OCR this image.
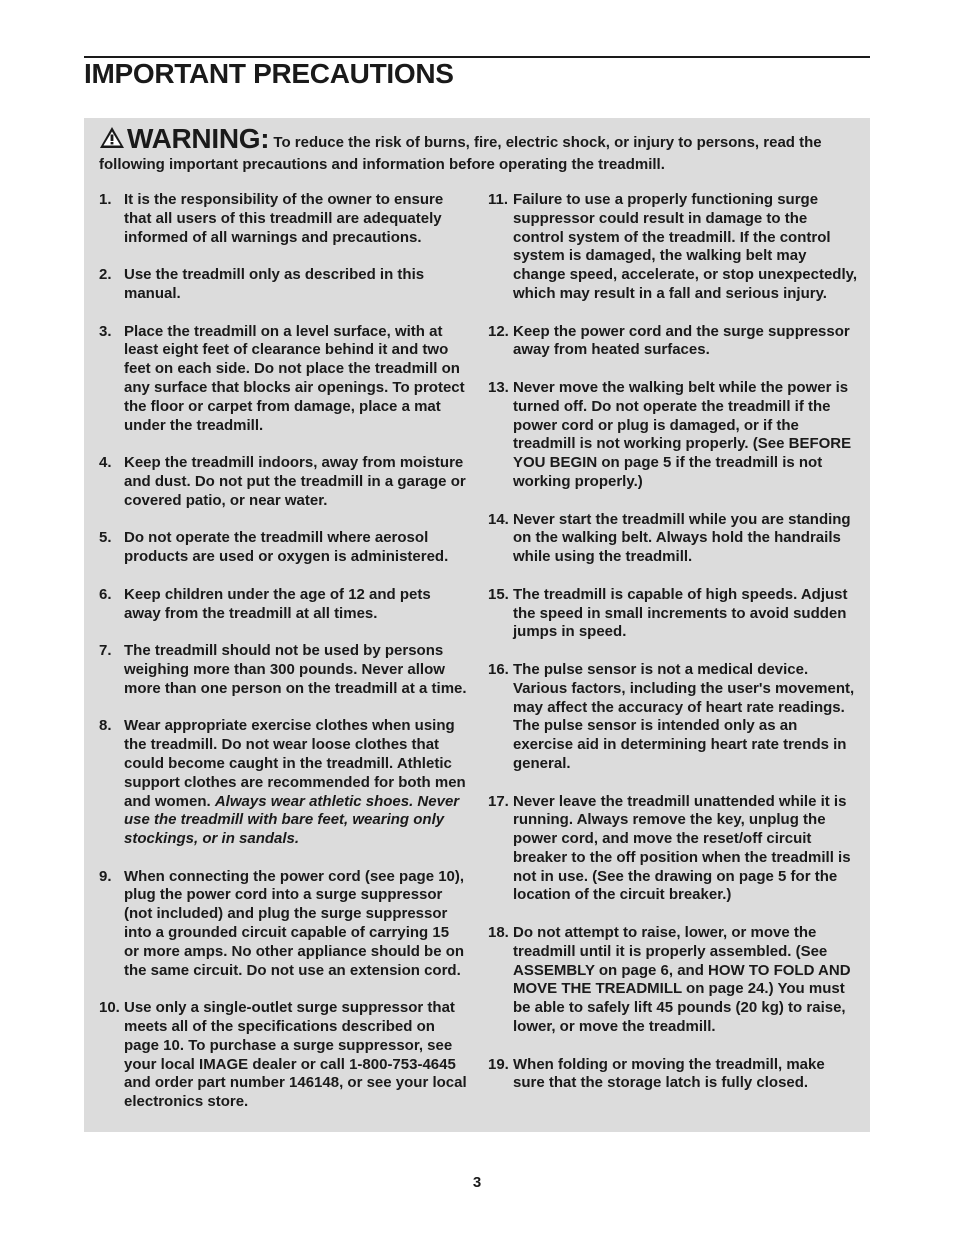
IMPORTANT PRECAUTIONS
WARNING: To reduce the risk of burns, fire, electric shock, or injury to persons, read the following important precautions and information before operating the treadmill.
1. It is the responsibility of the owner to ensure that all users of this treadmill are adequately informed of all warnings and precautions.
2. Use the treadmill only as described in this manual.
3. Place the treadmill on a level surface, with at least eight feet of clearance behind it and two feet on each side. Do not place the treadmill on any surface that blocks air openings. To protect the floor or carpet from damage, place a mat under the treadmill.
4. Keep the treadmill indoors, away from moisture and dust. Do not put the treadmill in a garage or covered patio, or near water.
5. Do not operate the treadmill where aerosol products are used or oxygen is administered.
6. Keep children under the age of 12 and pets away from the treadmill at all times.
7. The treadmill should not be used by persons weighing more than 300 pounds. Never allow more than one person on the treadmill at a time.
8. Wear appropriate exercise clothes when using the treadmill. Do not wear loose clothes that could become caught in the treadmill. Athletic support clothes are recommended for both men and women. Always wear athletic shoes. Never use the treadmill with bare feet, wearing only stockings, or in sandals.
9. When connecting the power cord (see page 10), plug the power cord into a surge suppressor (not included) and plug the surge suppressor into a grounded circuit capable of carrying 15 or more amps. No other appliance should be on the same circuit. Do not use an extension cord.
10. Use only a single-outlet surge suppressor that meets all of the specifications described on page 10. To purchase a surge suppressor, see your local IMAGE dealer or call 1-800-753-4645 and order part number 146148, or see your local electronics store.
11. Failure to use a properly functioning surge suppressor could result in damage to the control system of the treadmill. If the control system is damaged, the walking belt may change speed, accelerate, or stop unexpectedly, which may result in a fall and serious injury.
12. Keep the power cord and the surge suppressor away from heated surfaces.
13. Never move the walking belt while the power is turned off. Do not operate the treadmill if the power cord or plug is damaged, or if the treadmill is not working properly. (See BEFORE YOU BEGIN on page 5 if the treadmill is not working properly.)
14. Never start the treadmill while you are standing on the walking belt. Always hold the handrails while using the treadmill.
15. The treadmill is capable of high speeds. Adjust the speed in small increments to avoid sudden jumps in speed.
16. The pulse sensor is not a medical device. Various factors, including the user's movement, may affect the accuracy of heart rate readings. The pulse sensor is intended only as an exercise aid in determining heart rate trends in general.
17. Never leave the treadmill unattended while it is running. Always remove the key, unplug the power cord, and move the reset/off circuit breaker to the off position when the treadmill is not in use. (See the drawing on page 5 for the location of the circuit breaker.)
18. Do not attempt to raise, lower, or move the treadmill until it is properly assembled. (See ASSEMBLY on page 6, and HOW TO FOLD AND MOVE THE TREADMILL on page 24.) You must be able to safely lift 45 pounds (20 kg) to raise, lower, or move the treadmill.
19. When folding or moving the treadmill, make sure that the storage latch is fully closed.
3
